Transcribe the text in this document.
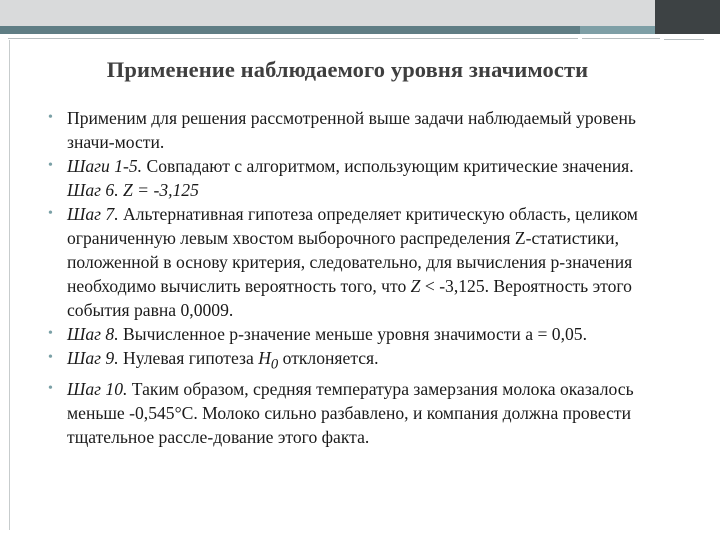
Применение наблюдаемого уровня значимости
• Применим для решения рассмотренной выше задачи наблюдаемый уровень значи-мости.
• Шаги 1-5. Совпадают с алгоритмом, использующим критические значения. Шаг 6. Z = -3,125
• Шаг 7. Альтернативная гипотеза определяет критическую область, целиком ограниченную левым хвостом выборочного распределения Z-статистики, положенной в основу критерия, следовательно, для вычисления p-значения необходимо вычислить вероятность того, что Z < -3,125. Вероятность этого события равна 0,0009.
• Шаг 8. Вычисленное p-значение меньше уровня значимости a = 0,05.
• Шаг 9. Нулевая гипотеза $H_0$ отклоняется.
• Шаг 10. Таким образом, средняя температура замерзания молока оказалось меньше -0,545°С. Молоко сильно разбавлено, и компания должна провести тщательное рассле-дование этого факта.
